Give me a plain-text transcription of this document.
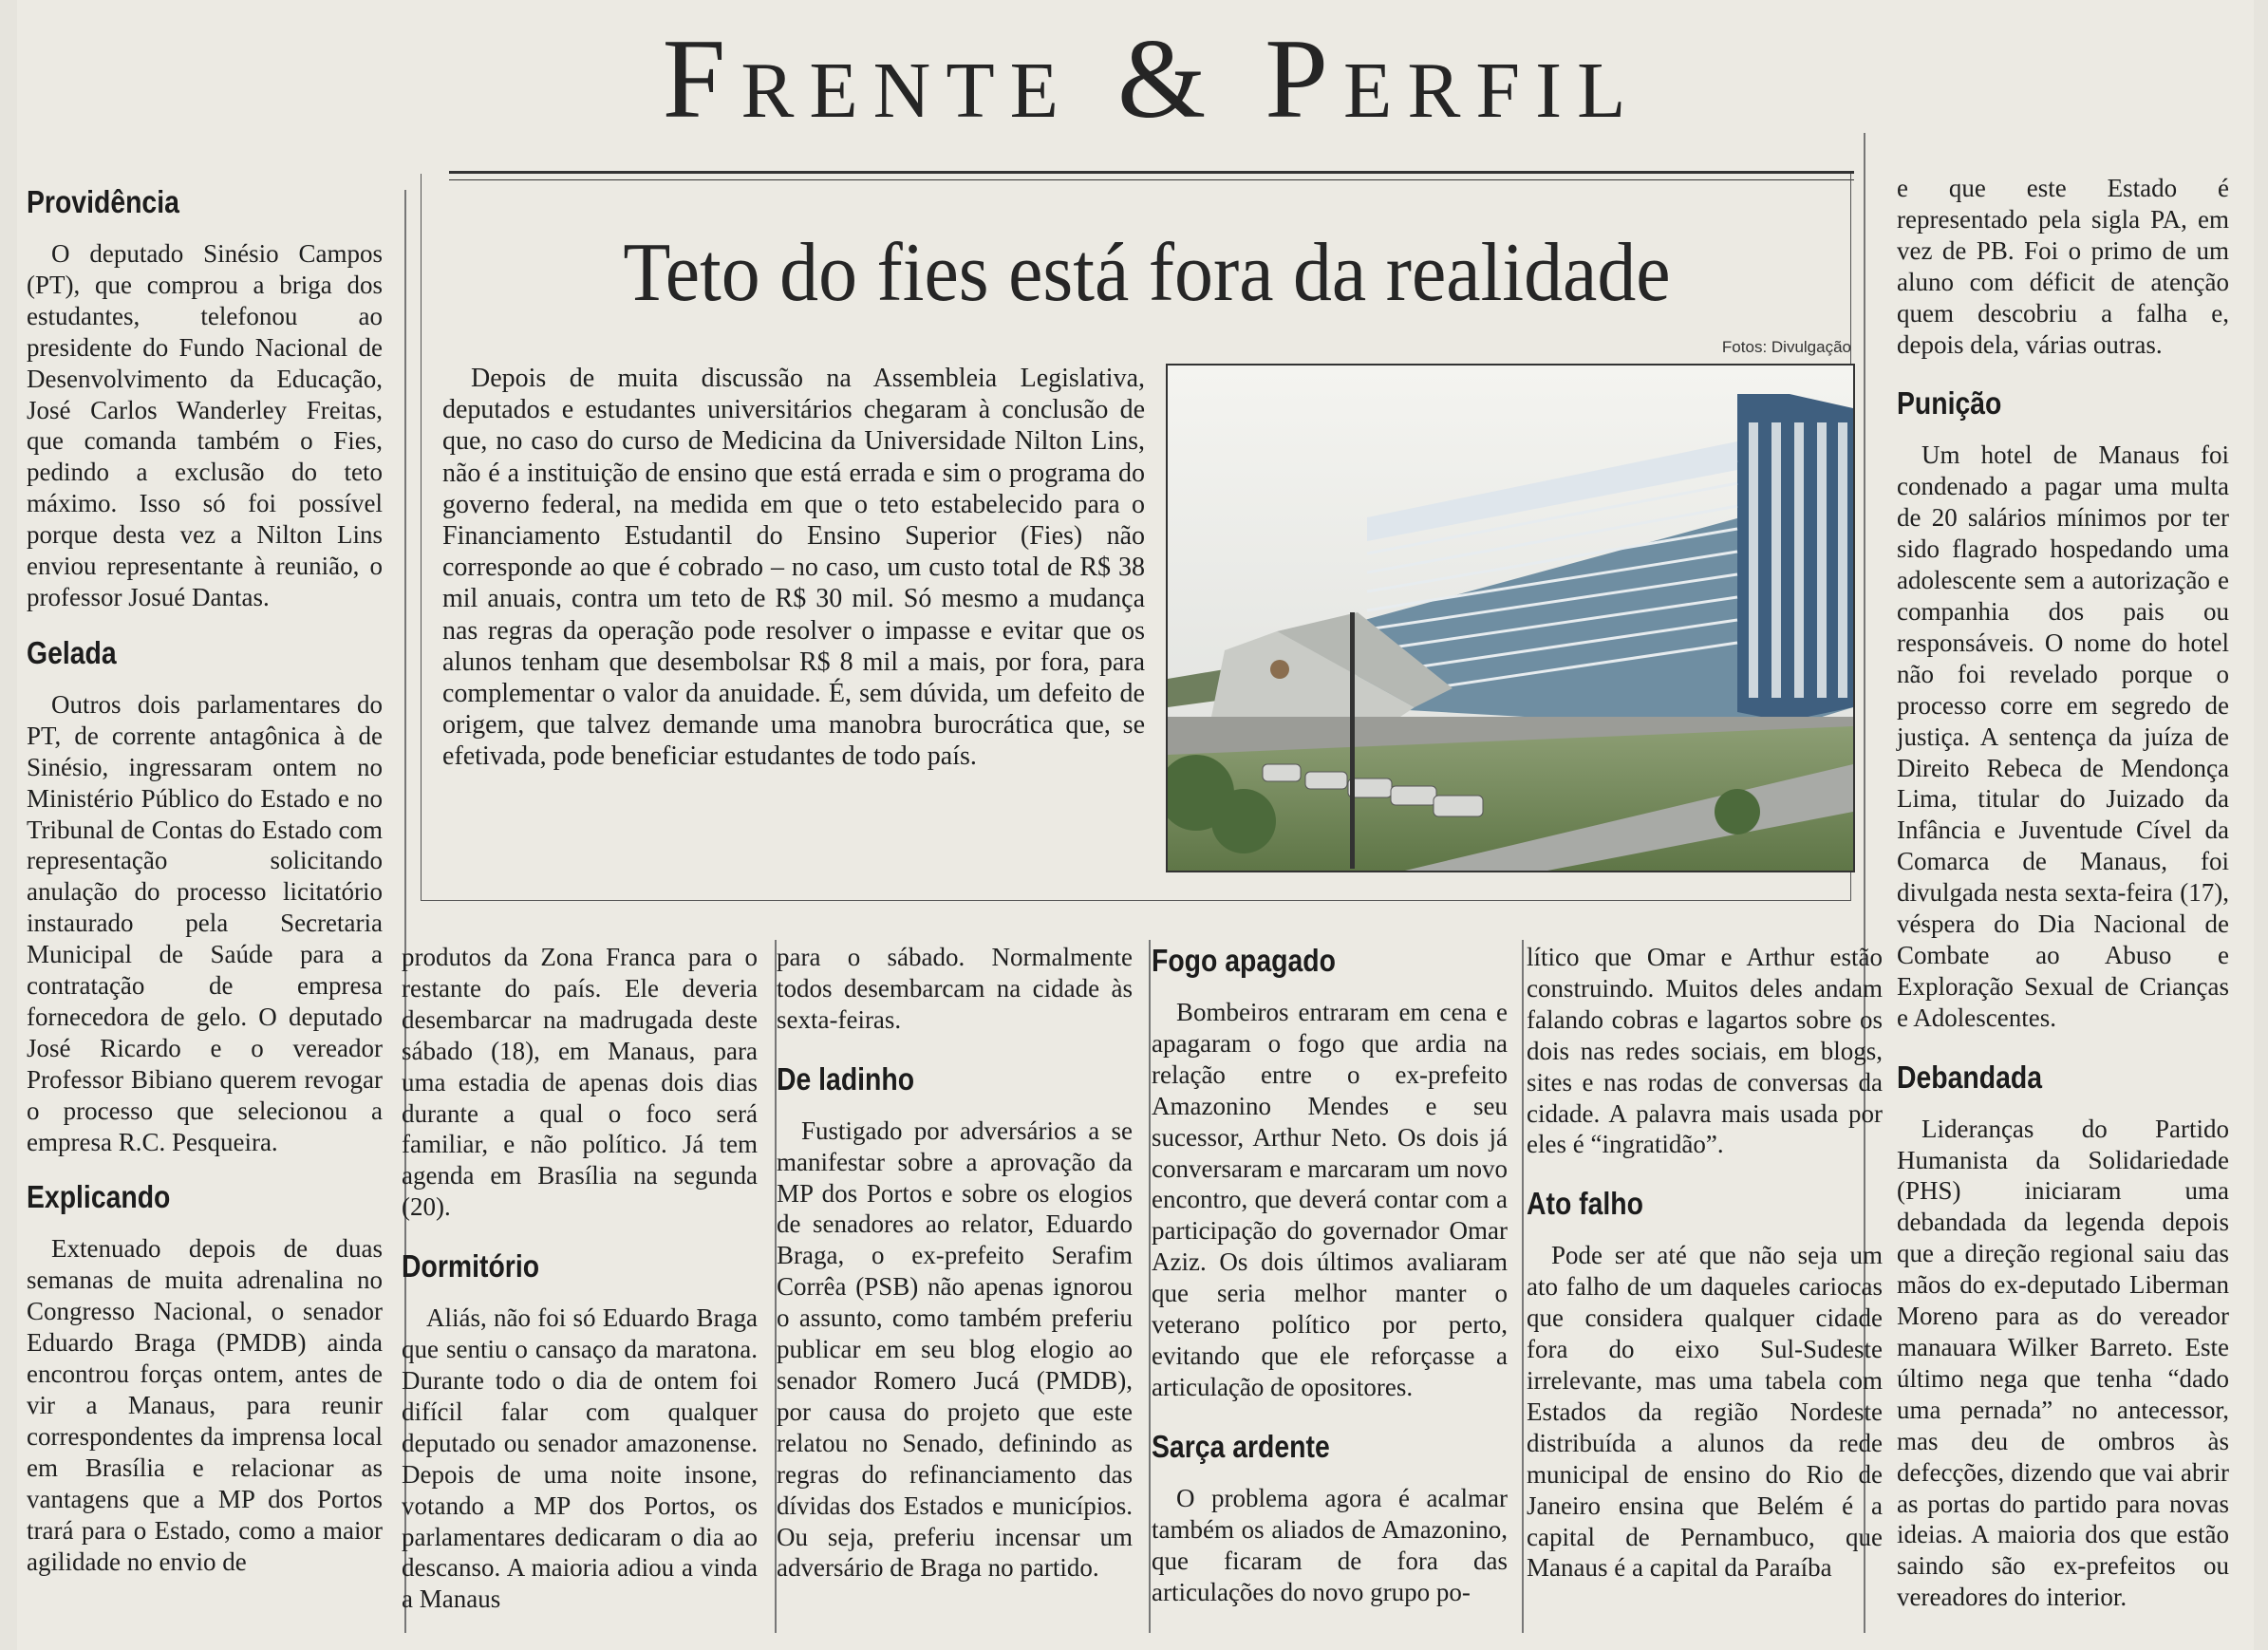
Frente & Perfil
Teto do fies está fora da realidade
Fotos: Divulgação

Depois de muita discussão na Assembleia Legislativa, deputados e estudantes universitários chegaram à conclusão de que, no caso do curso de Medicina da Universidade Nilton Lins, não é a instituição de ensino que está errada e sim o programa do governo federal, na medida em que o teto estabelecido para o Financiamento Estudantil do Ensino Superior (Fies) não corresponde ao que é cobrado – no caso, um custo total de R$ 38 mil anuais, contra um teto de R$ 30 mil. Só mesmo a mudança nas regras da operação pode resolver o impasse e evitar que os alunos tenham que desembolsar R$ 8 mil a mais, por fora, para complementar o valor da anuidade. É, sem dúvida, um defeito de origem, que talvez demande uma manobra burocrática que, se efetivada, pode beneficiar estudantes de todo país.

Providência

O deputado Sinésio Campos (PT), que comprou a briga dos estudantes, telefonou ao presidente do Fundo Nacional de Desenvolvimento da Educação, José Carlos Wanderley Freitas, que comanda também o Fies, pedindo a exclusão do teto máximo. Isso só foi possível porque desta vez a Nilton Lins enviou representante à reunião, o professor Josué Dantas.

Gelada

Outros dois parlamentares do PT, de corrente antagônica à de Sinésio, ingressaram ontem no Ministério Público do Estado e no Tribunal de Contas do Estado com representação solicitando anulação do processo licitatório instaurado pela Secretaria Municipal de Saúde para a contratação de empresa fornecedora de gelo. O deputado José Ricardo e o vereador Professor Bibiano querem revogar o processo que selecionou a empresa R.C. Pesqueira.

Explicando

Extenuado depois de duas semanas de muita adrenalina no Congresso Nacional, o senador Eduardo Braga (PMDB) ainda encontrou forças ontem, antes de vir a Manaus, para reunir correspondentes da imprensa local em Brasília e relacionar as vantagens que a MP dos Portos trará para o Estado, como a maior agilidade no envio de

produtos da Zona Franca para o restante do país. Ele deveria desembarcar na madrugada deste sábado (18), em Manaus, para uma estadia de apenas dois dias durante a qual o foco será familiar, e não político. Já tem agenda em Brasília na segunda (20).

Dormitório

Aliás, não foi só Eduardo Braga que sentiu o cansaço da maratona. Durante todo o dia de ontem foi difícil falar com qualquer deputado ou senador amazonense. Depois de uma noite insone, votando a MP dos Portos, os parlamentares dedicaram o dia ao descanso. A maioria adiou a vinda a Manaus

para o sábado. Normalmente todos desembarcam na cidade às sexta-feiras.

De ladinho

Fustigado por adversários a se manifestar sobre a aprovação da MP dos Portos e sobre os elogios de senadores ao relator, Eduardo Braga, o ex-prefeito Serafim Corrêa (PSB) não apenas ignorou o assunto, como também preferiu publicar em seu blog elogio ao senador Romero Jucá (PMDB), por causa do projeto que este relatou no Senado, definindo as regras do refinanciamento das dívidas dos Estados e municípios. Ou seja, preferiu incensar um adversário de Braga no partido.

Fogo apagado

Bombeiros entraram em cena e apagaram o fogo que ardia na relação entre o ex-prefeito Amazonino Mendes e seu sucessor, Arthur Neto. Os dois já conversaram e marcaram um novo encontro, que deverá contar com a participação do governador Omar Aziz. Os dois últimos avaliaram que seria melhor manter o veterano político por perto, evitando que ele reforçasse a articulação de opositores.

Sarça ardente

O problema agora é acalmar também os aliados de Amazonino, que ficaram de fora das articulações do novo grupo po-

lítico que Omar e Arthur estão construindo. Muitos deles andam falando cobras e lagartos sobre os dois nas redes sociais, em blogs, sites e nas rodas de conversas da cidade. A palavra mais usada por eles é “ingratidão”.

Ato falho

Pode ser até que não seja um ato falho de um daqueles cariocas que considera qualquer cidade fora do eixo Sul-Sudeste irrelevante, mas uma tabela com Estados da região Nordeste distribuída a alunos da rede municipal de ensino do Rio de Janeiro ensina que Belém é a capital de Pernambuco, que Manaus é a capital da Paraíba

e que este Estado é representado pela sigla PA, em vez de PB. Foi o primo de um aluno com déficit de atenção quem descobriu a falha e, depois dela, várias outras.

Punição

Um hotel de Manaus foi condenado a pagar uma multa de 20 salários mínimos por ter sido flagrado hospedando uma adolescente sem a autorização e companhia dos pais ou responsáveis. O nome do hotel não foi revelado porque o processo corre em segredo de justiça. A sentença da juíza de Direito Rebeca de Mendonça Lima, titular do Juizado da Infância e Juventude Cível da Comarca de Manaus, foi divulgada nesta sexta-feira (17), véspera do Dia Nacional de Combate ao Abuso e Exploração Sexual de Crianças e Adolescentes.

Debandada

Lideranças do Partido Humanista da Solidariedade (PHS) iniciaram uma debandada da legenda depois que a direção regional saiu das mãos do ex-deputado Liberman Moreno para as do vereador manauara Wilker Barreto. Este último nega que tenha “dado uma pernada” no antecessor, mas deu de ombros às defecções, dizendo que vai abrir as portas do partido para novas ideias. A maioria dos que estão saindo são ex-prefeitos ou vereadores do interior.
